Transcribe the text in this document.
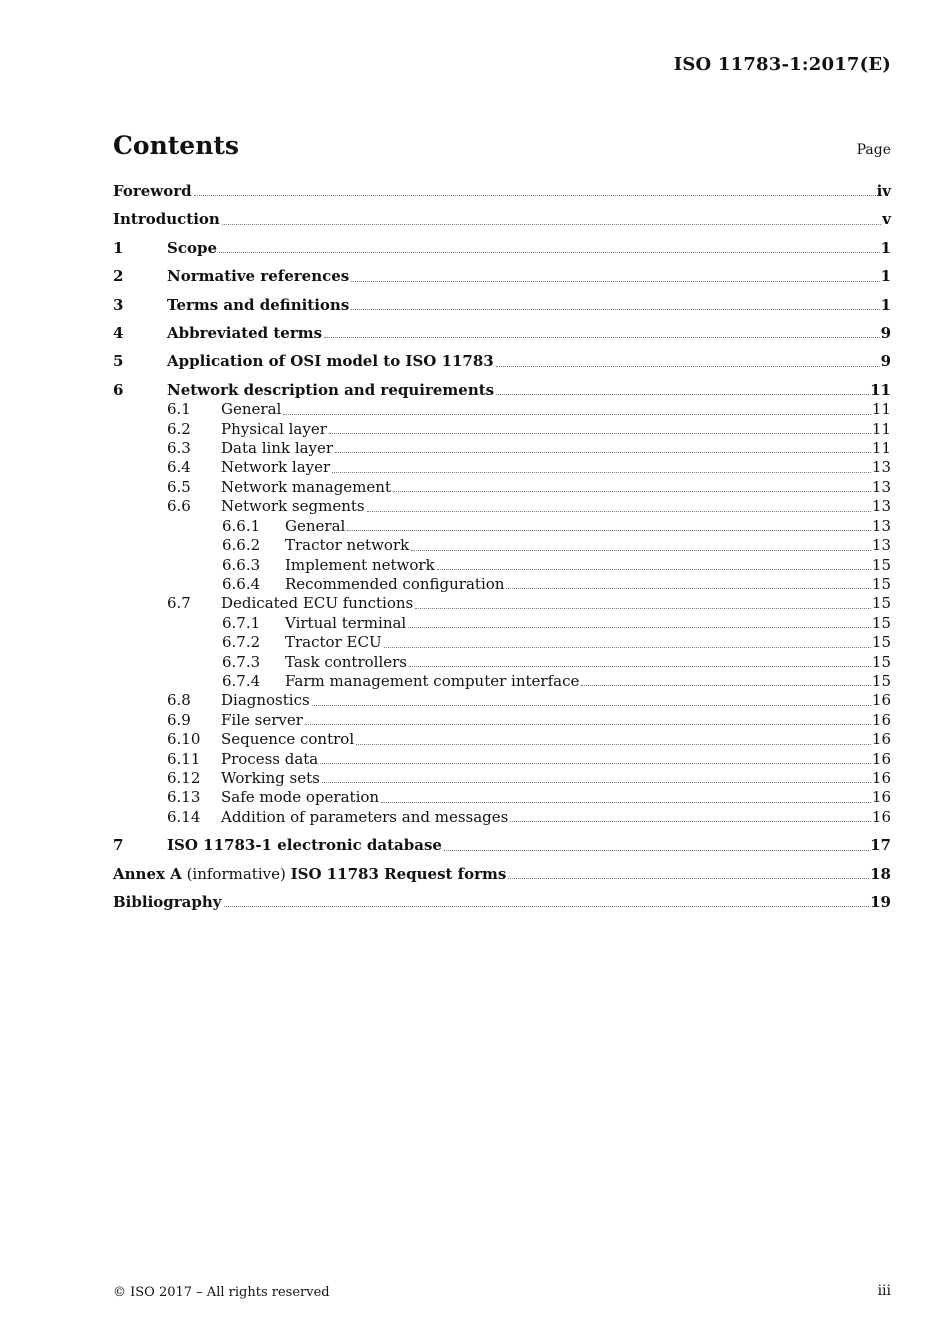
ISO 11783-1:2017(E)
Contents	Page
Foreword	iv
Introduction	v
1	Scope	1
2	Normative references	1
3	Terms and definitions	1
4	Abbreviated terms	9
5	Application of OSI model to ISO 11783	9
6	Network description and requirements	11
6.1	General	11
6.2	Physical layer	11
6.3	Data link layer	11
6.4	Network layer	13
6.5	Network management	13
6.6	Network segments	13
6.6.1	General	13
6.6.2	Tractor network	13
6.6.3	Implement network	15
6.6.4	Recommended configuration	15
6.7	Dedicated ECU functions	15
6.7.1	Virtual terminal	15
6.7.2	Tractor ECU	15
6.7.3	Task controllers	15
6.7.4	Farm management computer interface	15
6.8	Diagnostics	16
6.9	File server	16
6.10	Sequence control	16
6.11	Process data	16
6.12	Working sets	16
6.13	Safe mode operation	16
6.14	Addition of parameters and messages	16
7	ISO 11783-1 electronic database	17
Annex A (informative) ISO 11783 Request forms	18
Bibliography	19
© ISO 2017 – All rights reserved	iii
